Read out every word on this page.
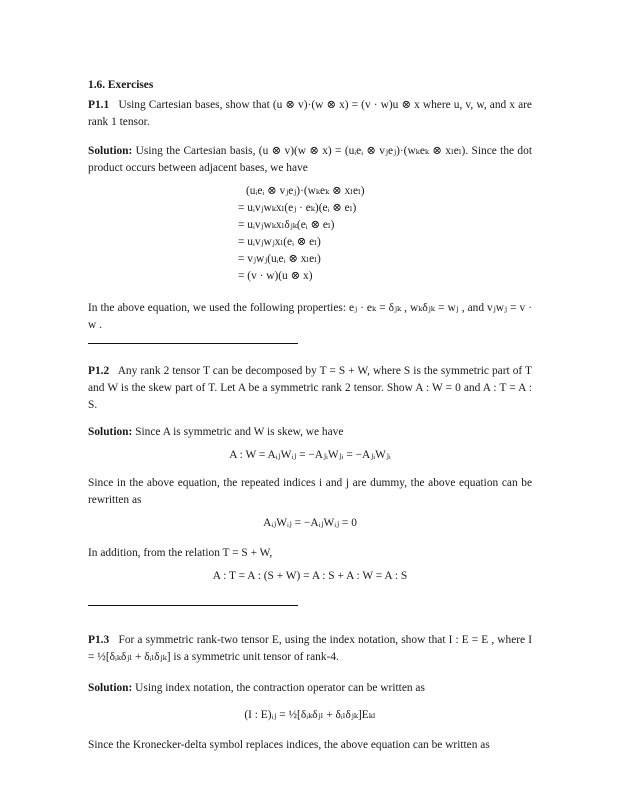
1.6. Exercises
P1.1 Using Cartesian bases, show that (u ⊗ v)·(w ⊗ x) = (v · w)u ⊗ x where u, v, w, and x are rank 1 tensor.
Solution: Using the Cartesian basis, (u ⊗ v)(w ⊗ x) = (uᵢeᵢ ⊗ vⱼeⱼ)·(wₖeₖ ⊗ xₗeₗ). Since the dot product occurs between adjacent bases, we have
(uᵢeᵢ ⊗ vⱼeⱼ)·(wₖeₖ ⊗ xₗeₗ)
= uᵢvⱼwₖxₗ(eⱼ · eₖ)(eᵢ ⊗ eₗ)
= uᵢvⱼwₖxₗδⱼₖ(eᵢ ⊗ eₗ)
= uᵢvⱼwⱼxₗ(eᵢ ⊗ eₗ)
= vⱼwⱼ(uᵢeᵢ ⊗ xₗeₗ)
= (v · w)(u ⊗ x)
In the above equation, we used the following properties: eⱼ · eₖ = δⱼₖ , wₖδⱼₖ = wⱼ , and vⱼwⱼ = v · w .
P1.2 Any rank 2 tensor T can be decomposed by T = S + W, where S is the symmetric part of T and W is the skew part of T. Let A be a symmetric rank 2 tensor. Show A : W = 0 and A : T = A : S.
Solution: Since A is symmetric and W is skew, we have
A : W = AᵢⱼWᵢⱼ = −AⱼᵢWⱼᵢ = −AⱼᵢWⱼᵢ
Since in the above equation, the repeated indices i and j are dummy, the above equation can be rewritten as
AᵢⱼWᵢⱼ = −AᵢⱼWᵢⱼ = 0
In addition, from the relation T = S + W,
A : T = A : (S + W) = A : S + A : W = A : S
P1.3 For a symmetric rank-two tensor E, using the index notation, show that I : E = E , where I = ½[δᵢₖδⱼₗ + δᵢₗδⱼₖ] is a symmetric unit tensor of rank-4.
Solution: Using index notation, the contraction operator can be written as
(I : E)ᵢⱼ = ½[δᵢₖδⱼₗ + δᵢₗδⱼₖ]Eₖₗ
Since the Kronecker-delta symbol replaces indices, the above equation can be written as
